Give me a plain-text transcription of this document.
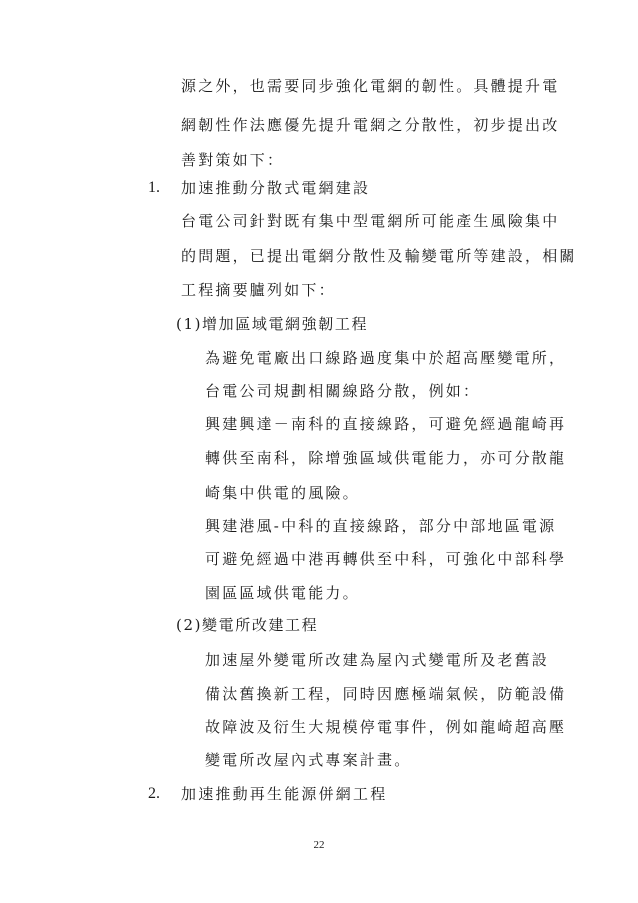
源之外，也需要同步強化電網的韌性。具體提升電
網韌性作法應優先提升電網之分散性，初步提出改
善對策如下：
1. 加速推動分散式電網建設
台電公司針對既有集中型電網所可能產生風險集中
的問題，已提出電網分散性及輸變電所等建設，相關
工程摘要臚列如下：
(1)增加區域電網強韌工程
為避免電廠出口線路過度集中於超高壓變電所，
台電公司規劃相關線路分散，例如：
興建興達－南科的直接線路，可避免經過龍崎再
轉供至南科，除增強區域供電能力，亦可分散龍
崎集中供電的風險。
興建港風-中科的直接線路，部分中部地區電源
可避免經過中港再轉供至中科，可強化中部科學
園區區域供電能力。
(2)變電所改建工程
加速屋外變電所改建為屋內式變電所及老舊設
備汰舊換新工程，同時因應極端氣候，防範設備
故障波及衍生大規模停電事件，例如龍崎超高壓
變電所改屋內式專案計畫。
2. 加速推動再生能源併網工程
22
